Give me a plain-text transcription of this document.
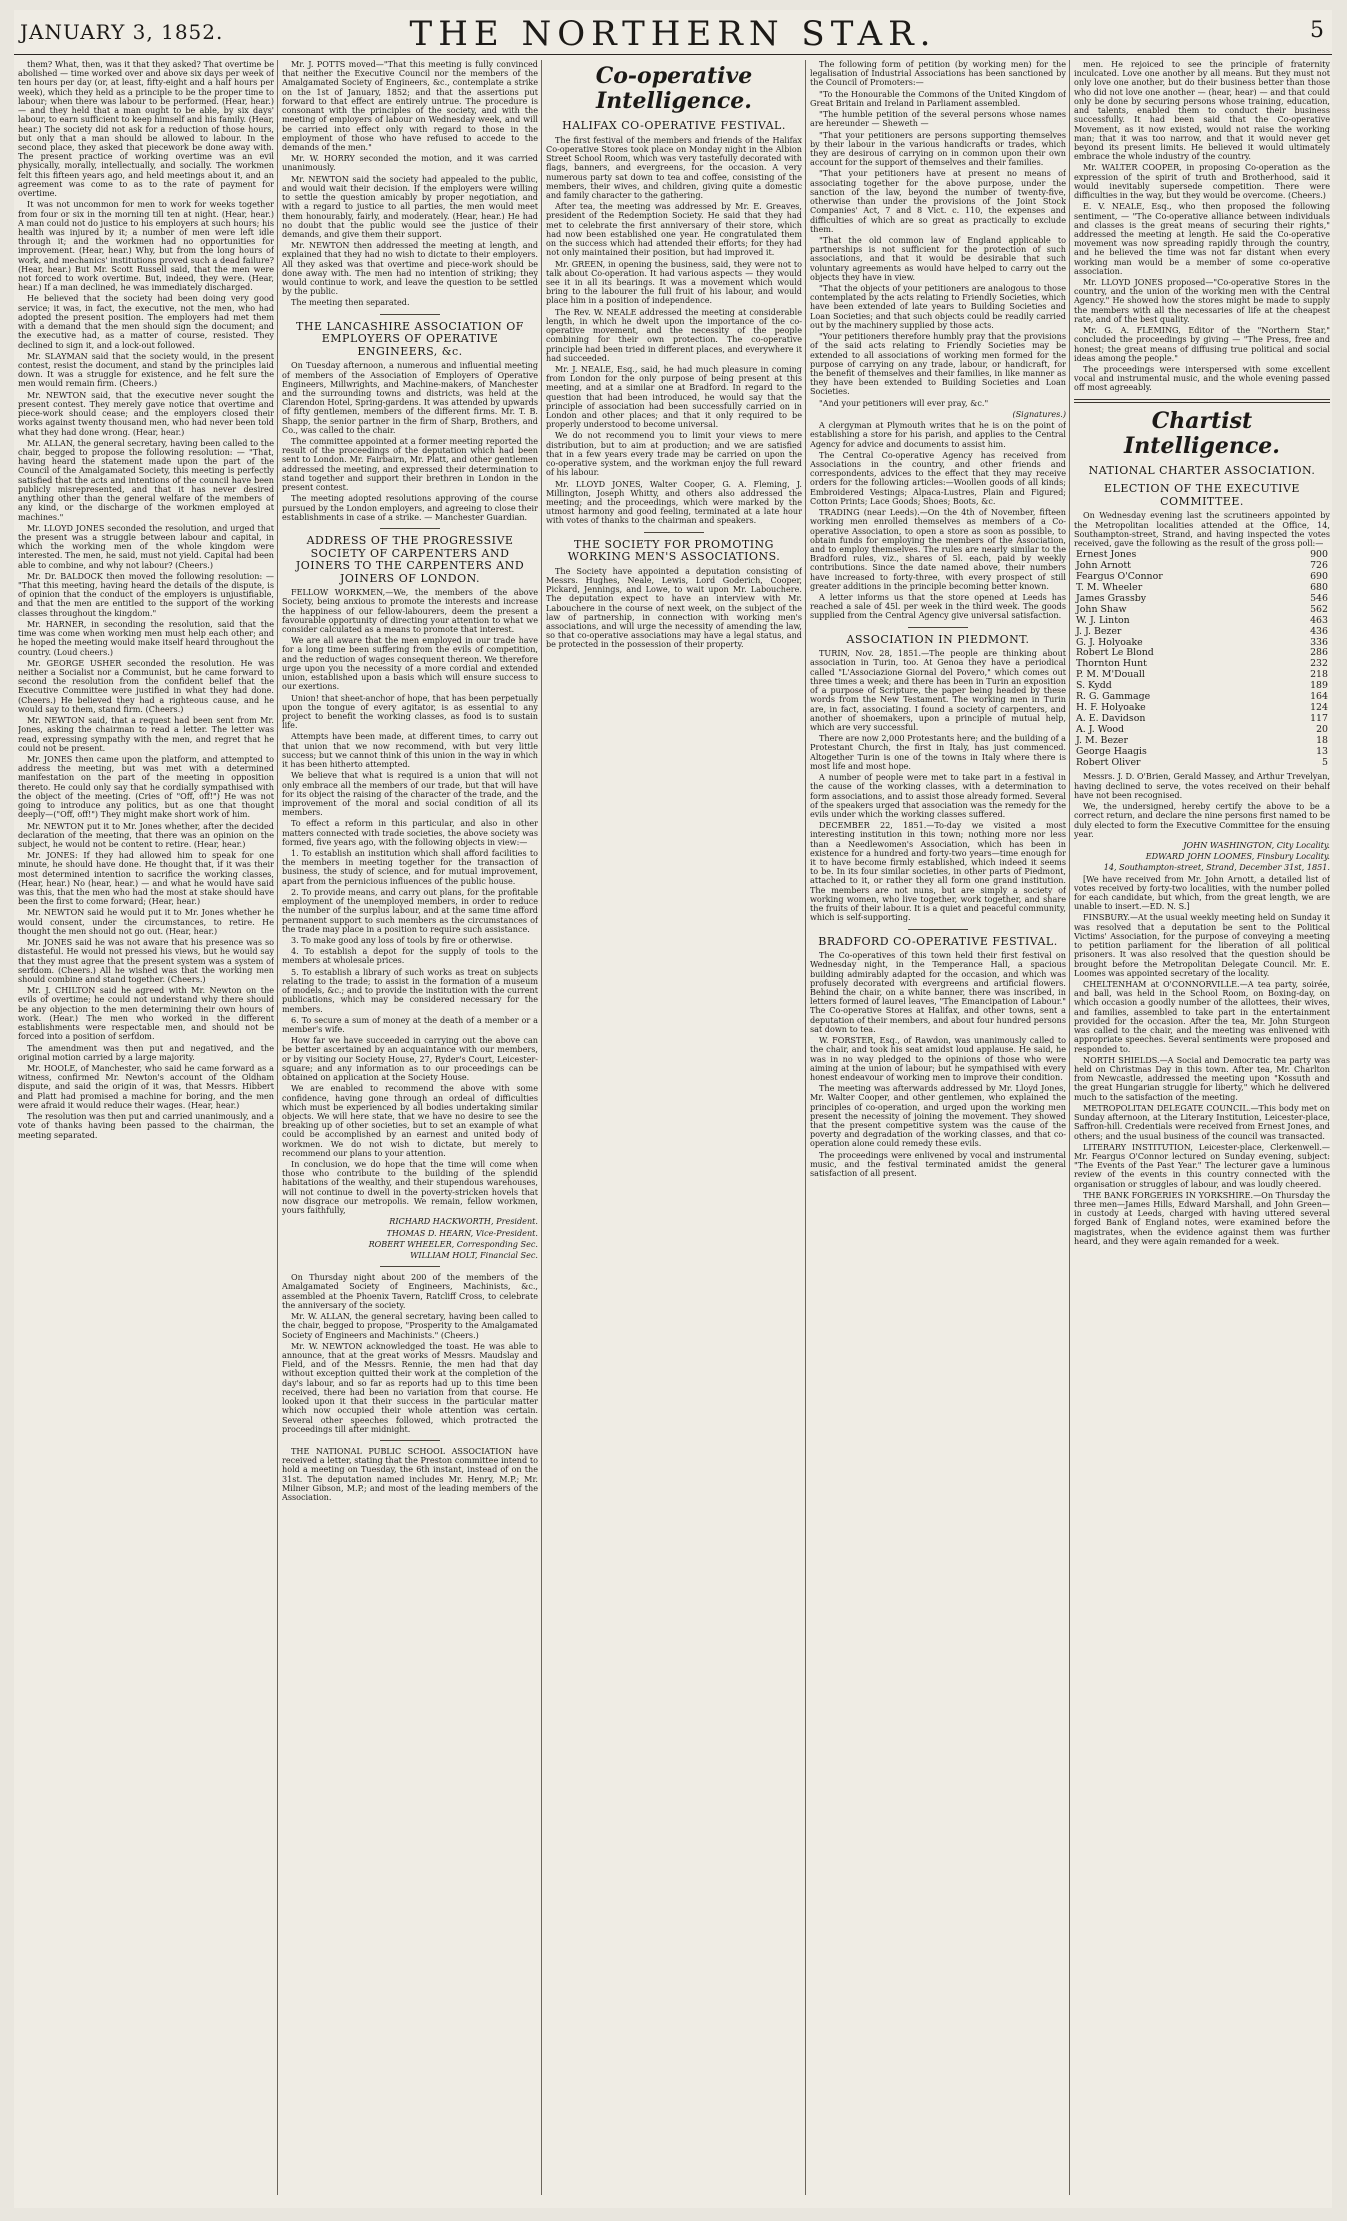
JANUARY 3, 1852.	THE NORTHERN STAR.	5

them? What, then, was it that they asked? That overtime be abolished — time worked over and above six days per week of ten hours per day (or, at least, fifty-eight and a half hours per week), which they held as a principle to be the proper time to labour; when there was labour to be performed. (Hear, hear.) — and they held that a man ought to be able, by six days' labour, to earn sufficient to keep himself and his family. (Hear, hear.) The society did not ask for a reduction of those hours, but only that a man should be allowed to labour. In the second place, they asked that piecework be done away with. The present practice of working overtime was an evil physically, morally, intellectually, and socially. The workmen felt this fifteen years ago, and held meetings about it, and an agreement was come to as to the rate of payment for overtime.

It was not uncommon for men to work for weeks together from four or six in the morning till ten at night. (Hear, hear.) A man could not do justice to his employers at such hours; his health was injured by it; a number of men were left idle through it; and the workmen had no opportunities for improvement. (Hear, hear.) Why, but from the long hours of work, and mechanics' institutions proved such a dead failure? (Hear, hear.) But Mr. Scott Russell said, that the men were not forced to work overtime. But, indeed, they were. (Hear, hear.) If a man declined, he was immediately discharged.

He believed that the society had been doing very good service; it was, in fact, the executive, not the men, who had adopted the present position. The employers had met them with a demand that the men should sign the document; and the executive had, as a matter of course, resisted. They declined to sign it, and a lock-out followed.

Mr. SLAYMAN said that the society would, in the present contest, resist the document, and stand by the principles laid down. It was a struggle for existence, and he felt sure the men would remain firm. (Cheers.)

Mr. NEWTON said, that the executive never sought the present contest. They merely gave notice that overtime and piece-work should cease; and the employers closed their works against twenty thousand men, who had never been told what they had done wrong. (Hear, hear.)

Mr. ALLAN, the general secretary, having been called to the chair, begged to propose the following resolution: — "That, having heard the statement made upon the part of the Council of the Amalgamated Society, this meeting is perfectly satisfied that the acts and intentions of the council have been publicly misrepresented, and that it has never desired anything other than the general welfare of the members of any kind, or the discharge of the workmen employed at machines."

Mr. LLOYD JONES seconded the resolution, and urged that the present was a struggle between labour and capital, in which the working men of the whole kingdom were interested. The men, he said, must not yield. Capital had been able to combine, and why not labour? (Cheers.)

Mr. Dr. BALDOCK then moved the following resolution: — "That this meeting, having heard the details of the dispute, is of opinion that the conduct of the employers is unjustifiable, and that the men are entitled to the support of the working classes throughout the kingdom."

Mr. HARNER, in seconding the resolution, said that the time was come when working men must help each other; and he hoped the meeting would make itself heard throughout the country. (Loud cheers.)

Mr. GEORGE USHER seconded the resolution. He was neither a Socialist nor a Communist, but he came forward to second the resolution from the confident belief that the Executive Committee were justified in what they had done. (Cheers.) He believed they had a righteous cause, and he would say to them, stand firm. (Cheers.)

Mr. NEWTON said, that a request had been sent from Mr. Jones, asking the chairman to read a letter. The letter was read, expressing sympathy with the men, and regret that he could not be present.

Mr. JONES then came upon the platform, and attempted to address the meeting, but was met with a determined manifestation on the part of the meeting in opposition thereto. He could only say that he cordially sympathised with the object of the meeting. (Cries of "Off, off!") He was not going to introduce any politics, but as one that thought deeply—("Off, off!") They might make short work of him.

Mr. NEWTON put it to Mr. Jones whether, after the decided declaration of the meeting, that there was an opinion on the subject, he would not be content to retire. (Hear, hear.)

Mr. JONES: If they had allowed him to speak for one minute, he should have done. He thought that, if it was their most determined intention to sacrifice the working classes, (Hear, hear.) No (hear, hear.) — and what he would have said was this, that the men who had the most at stake should have been the first to come forward; (Hear, hear.)

Mr. NEWTON said he would put it to Mr. Jones whether he would consent, under the circumstances, to retire. He thought the men should not go out. (Hear, hear.)

Mr. JONES said he was not aware that his presence was so distasteful. He would not pressed his views, but he would say that they must agree that the present system was a system of serfdom. (Cheers.) All he wished was that the working men should combine and stand together. (Cheers.)

Mr. J. CHILTON said he agreed with Mr. Newton on the evils of overtime; he could not understand why there should be any objection to the men determining their own hours of work. (Hear.) The men who worked in the different establishments were respectable men, and should not be forced into a position of serfdom.

The amendment was then put and negatived, and the original motion carried by a large majority.

Mr. HOOLE, of Manchester, who said he came forward as a witness, confirmed Mr. Newton's account of the Oldham dispute, and said the origin of it was, that Messrs. Hibbert and Platt had promised a machine for boring, and the men were afraid it would reduce their wages. (Hear, hear.)

The resolution was then put and carried unanimously, and a vote of thanks having been passed to the chairman, the meeting separated.

Mr. J. POTTS moved—"That this meeting is fully convinced that neither the Executive Council nor the members of the Amalgamated Society of Engineers, &c., contemplate a strike on the 1st of January, 1852; and that the assertions put forward to that effect are entirely untrue. The procedure is consonant with the principles of the society, and with the meeting of employers of labour on Wednesday week, and will be carried into effect only with regard to those in the employment of those who have refused to accede to the demands of the men."

Mr. W. HORRY seconded the motion, and it was carried unanimously.

Mr. NEWTON said the society had appealed to the public, and would wait their decision. If the employers were willing to settle the question amicably by proper negotiation, and with a regard to justice to all parties, the men would meet them honourably, fairly, and moderately. (Hear, hear.) He had no doubt that the public would see the justice of their demands, and give them their support.

Mr. NEWTON then addressed the meeting at length, and explained that they had no wish to dictate to their employers. All they asked was that overtime and piece-work should be done away with. The men had no intention of striking; they would continue to work, and leave the question to be settled by the public.

The meeting then separated.

THE LANCASHIRE ASSOCIATION OF EMPLOYERS OF OPERATIVE ENGINEERS, &c.

On Tuesday afternoon, a numerous and influential meeting of members of the Association of Employers of Operative Engineers, Millwrights, and Machine-makers, of Manchester and the surrounding towns and districts, was held at the Clarendon Hotel, Spring-gardens. It was attended by upwards of fifty gentlemen, members of the different firms. Mr. T. B. Shapp, the senior partner in the firm of Sharp, Brothers, and Co., was called to the chair.

The committee appointed at a former meeting reported the result of the proceedings of the deputation which had been sent to London. Mr. Fairbairn, Mr. Platt, and other gentlemen addressed the meeting, and expressed their determination to stand together and support their brethren in London in the present contest.

The meeting adopted resolutions approving of the course pursued by the London employers, and agreeing to close their establishments in case of a strike. — Manchester Guardian.

ADDRESS OF THE PROGRESSIVE SOCIETY OF CARPENTERS AND JOINERS TO THE CARPENTERS AND JOINERS OF LONDON.

FELLOW WORKMEN,—We, the members of the above Society, being anxious to promote the interests and increase the happiness of our fellow-labourers, deem the present a favourable opportunity of directing your attention to what we consider calculated as a means to promote that interest.

We are all aware that the men employed in our trade have for a long time been suffering from the evils of competition, and the reduction of wages consequent thereon. We therefore urge upon you the necessity of a more cordial and extended union, established upon a basis which will ensure success to our exertions.

Union! that sheet-anchor of hope, that has been perpetually upon the tongue of every agitator, is as essential to any project to benefit the working classes, as food is to sustain life.

Attempts have been made, at different times, to carry out that union that we now recommend, with but very little success; but we cannot think of this union in the way in which it has been hitherto attempted.

We believe that what is required is a union that will not only embrace all the members of our trade, but that will have for its object the raising of the character of the trade, and the improvement of the moral and social condition of all its members.

To effect a reform in this particular, and also in other matters connected with trade societies, the above society was formed, five years ago, with the following objects in view:—

1. To establish an institution which shall afford facilities to the members in meeting together for the transaction of business, the study of science, and for mutual improvement, apart from the pernicious influences of the public house.

2. To provide means, and carry out plans, for the profitable employment of the unemployed members, in order to reduce the number of the surplus labour, and at the same time afford permanent support to such members as the circumstances of the trade may place in a position to require such assistance.

3. To make good any loss of tools by fire or otherwise.

4. To establish a depot for the supply of tools to the members at wholesale prices.

5. To establish a library of such works as treat on subjects relating to the trade; to assist in the formation of a museum of models, &c.; and to provide the institution with the current publications, which may be considered necessary for the members.

6. To secure a sum of money at the death of a member or a member's wife.

How far we have succeeded in carrying out the above can be better ascertained by an acquaintance with our members, or by visiting our Society House, 27, Ryder's Court, Leicester-square; and any information as to our proceedings can be obtained on application at the Society House.

We are enabled to recommend the above with some confidence, having gone through an ordeal of difficulties which must be experienced by all bodies undertaking similar objects. We will here state, that we have no desire to see the breaking up of other societies, but to set an example of what could be accomplished by an earnest and united body of workmen. We do not wish to dictate, but merely to recommend our plans to your attention.

In conclusion, we do hope that the time will come when those who contribute to the building of the splendid habitations of the wealthy, and their stupendous warehouses, will not continue to dwell in the poverty-stricken hovels that now disgrace our metropolis. We remain, fellow workmen, yours faithfully,

RICHARD HACKWORTH, President.

THOMAS D. HEARN, Vice-President.

ROBERT WHEELER, Corresponding Sec.

WILLIAM HOLT, Financial Sec.

On Thursday night about 200 of the members of the Amalgamated Society of Engineers, Machinists, &c., assembled at the Phoenix Tavern, Ratcliff Cross, to celebrate the anniversary of the society.

Mr. W. ALLAN, the general secretary, having been called to the chair, begged to propose, "Prosperity to the Amalgamated Society of Engineers and Machinists." (Cheers.)

Mr. W. NEWTON acknowledged the toast. He was able to announce, that at the great works of Messrs. Maudslay and Field, and of the Messrs. Rennie, the men had that day without exception quitted their work at the completion of the day's labour, and so far as reports had up to this time been received, there had been no variation from that course. He looked upon it that their success in the particular matter which now occupied their whole attention was certain. Several other speeches followed, which protracted the proceedings till after midnight.

THE NATIONAL PUBLIC SCHOOL ASSOCIATION have received a letter, stating that the Preston committee intend to hold a meeting on Tuesday, the 6th instant, instead of on the 31st. The deputation named includes Mr. Henry, M.P.; Mr. Milner Gibson, M.P.; and most of the leading members of the Association.

Co-operative Intelligence.
HALIFAX CO-OPERATIVE FESTIVAL.

The first festival of the members and friends of the Halifax Co-operative Stores took place on Monday night in the Albion Street School Room, which was very tastefully decorated with flags, banners, and evergreens, for the occasion. A very numerous party sat down to tea and coffee, consisting of the members, their wives, and children, giving quite a domestic and family character to the gathering.

After tea, the meeting was addressed by Mr. E. Greaves, president of the Redemption Society. He said that they had met to celebrate the first anniversary of their store, which had now been established one year. He congratulated them on the success which had attended their efforts; for they had not only maintained their position, but had improved it.

Mr. GREEN, in opening the business, said, they were not to talk about Co-operation. It had various aspects — they would see it in all its bearings. It was a movement which would bring to the labourer the full fruit of his labour, and would place him in a position of independence.

The Rev. W. NEALE addressed the meeting at considerable length, in which he dwelt upon the importance of the co-operative movement, and the necessity of the people combining for their own protection. The co-operative principle had been tried in different places, and everywhere it had succeeded.

Mr. J. NEALE, Esq., said, he had much pleasure in coming from London for the only purpose of being present at this meeting, and at a similar one at Bradford. In regard to the question that had been introduced, he would say that the principle of association had been successfully carried on in London and other places; and that it only required to be properly understood to become universal.

We do not recommend you to limit your views to mere distribution, but to aim at production; and we are satisfied that in a few years every trade may be carried on upon the co-operative system, and the workman enjoy the full reward of his labour.

Mr. LLOYD JONES, Walter Cooper, G. A. Fleming, J. Millington, Joseph Whitty, and others also addressed the meeting; and the proceedings, which were marked by the utmost harmony and good feeling, terminated at a late hour with votes of thanks to the chairman and speakers.

THE SOCIETY FOR PROMOTING WORKING MEN'S ASSOCIATIONS.

The Society have appointed a deputation consisting of Messrs. Hughes, Neale, Lewis, Lord Goderich, Cooper, Pickard, Jennings, and Lowe, to wait upon Mr. Labouchere. The deputation expect to have an interview with Mr. Labouchere in the course of next week, on the subject of the law of partnership, in connection with working men's associations, and will urge the necessity of amending the law, so that co-operative associations may have a legal status, and be protected in the possession of their property.

The following form of petition (by working men) for the legalisation of Industrial Associations has been sanctioned by the Council of Promoters:—

"To the Honourable the Commons of the United Kingdom of Great Britain and Ireland in Parliament assembled.

"The humble petition of the several persons whose names are hereunder — Sheweth —

"That your petitioners are persons supporting themselves by their labour in the various handicrafts or trades, which they are desirous of carrying on in common upon their own account for the support of themselves and their families.

"That your petitioners have at present no means of associating together for the above purpose, under the sanction of the law, beyond the number of twenty-five, otherwise than under the provisions of the Joint Stock Companies' Act, 7 and 8 Vict. c. 110, the expenses and difficulties of which are so great as practically to exclude them.

"That the old common law of England applicable to partnerships is not sufficient for the protection of such associations, and that it would be desirable that such voluntary agreements as would have helped to carry out the objects they have in view.

"That the objects of your petitioners are analogous to those contemplated by the acts relating to Friendly Societies, which have been extended of late years to Building Societies and Loan Societies; and that such objects could be readily carried out by the machinery supplied by those acts.

"Your petitioners therefore humbly pray that the provisions of the said acts relating to Friendly Societies may be extended to all associations of working men formed for the purpose of carrying on any trade, labour, or handicraft, for the benefit of themselves and their families, in like manner as they have been extended to Building Societies and Loan Societies.

"And your petitioners will ever pray, &c."

(Signatures.)

A clergyman at Plymouth writes that he is on the point of establishing a store for his parish, and applies to the Central Agency for advice and documents to assist him.

The Central Co-operative Agency has received from Associations in the country, and other friends and correspondents, advices to the effect that they may receive orders for the following articles:—Woollen goods of all kinds; Embroidered Vestings; Alpaca-Lustres, Plain and Figured; Cotton Prints; Lace Goods; Shoes; Boots, &c.

TRADING (near Leeds).—On the 4th of November, fifteen working men enrolled themselves as members of a Co-operative Association, to open a store as soon as possible, to obtain funds for employing the members of the Association, and to employ themselves. The rules are nearly similar to the Bradford rules, viz., shares of 5l. each, paid by weekly contributions. Since the date named above, their numbers have increased to forty-three, with every prospect of still greater additions in the principle becoming better known.

A letter informs us that the store opened at Leeds has reached a sale of 45l. per week in the third week. The goods supplied from the Central Agency give universal satisfaction.

ASSOCIATION IN PIEDMONT.

TURIN, Nov. 28, 1851.—The people are thinking about association in Turin, too. At Genoa they have a periodical called "L'Associazione Giornal del Povero," which comes out three times a week; and there has been in Turin an exposition of a purpose of Scripture, the paper being headed by these words from the New Testament. The working men in Turin are, in fact, associating. I found a society of carpenters, and another of shoemakers, upon a principle of mutual help, which are very successful.

There are now 2,000 Protestants here; and the building of a Protestant Church, the first in Italy, has just commenced. Altogether Turin is one of the towns in Italy where there is most life and most hope.

A number of people were met to take part in a festival in the cause of the working classes, with a determination to form associations, and to assist those already formed. Several of the speakers urged that association was the remedy for the evils under which the working classes suffered.

DECEMBER 22, 1851.—To-day we visited a most interesting institution in this town; nothing more nor less than a Needlewomen's Association, which has been in existence for a hundred and forty-two years—time enough for it to have become firmly established, which indeed it seems to be. In its four similar societies, in other parts of Piedmont, attached to it, or rather they all form one grand institution. The members are not nuns, but are simply a society of working women, who live together, work together, and share the fruits of their labour. It is a quiet and peaceful community, which is self-supporting.

BRADFORD CO-OPERATIVE FESTIVAL.

The Co-operatives of this town held their first festival on Wednesday night, in the Temperance Hall, a spacious building admirably adapted for the occasion, and which was profusely decorated with evergreens and artificial flowers. Behind the chair, on a white banner, there was inscribed, in letters formed of laurel leaves, "The Emancipation of Labour." The Co-operative Stores at Halifax, and other towns, sent a deputation of their members, and about four hundred persons sat down to tea.

W. FORSTER, Esq., of Rawdon, was unanimously called to the chair, and took his seat amidst loud applause. He said, he was in no way pledged to the opinions of those who were aiming at the union of labour; but he sympathised with every honest endeavour of working men to improve their condition.

The meeting was afterwards addressed by Mr. Lloyd Jones, Mr. Walter Cooper, and other gentlemen, who explained the principles of co-operation, and urged upon the working men present the necessity of joining the movement. They showed that the present competitive system was the cause of the poverty and degradation of the working classes, and that co-operation alone could remedy these evils.

The proceedings were enlivened by vocal and instrumental music, and the festival terminated amidst the general satisfaction of all present.

men. He rejoiced to see the principle of fraternity inculcated. Love one another by all means. But they must not only love one another, but do their business better than those who did not love one another — (hear, hear) — and that could only be done by securing persons whose training, education, and talents, enabled them to conduct their business successfully. It had been said that the Co-operative Movement, as it now existed, would not raise the working man; that it was too narrow, and that it would never get beyond its present limits. He believed it would ultimately embrace the whole industry of the country.

Mr. WALTER COOPER, in proposing Co-operation as the expression of the spirit of truth and Brotherhood, said it would inevitably supersede competition. There were difficulties in the way, but they would be overcome. (Cheers.)

E. V. NEALE, Esq., who then proposed the following sentiment, — "The Co-operative alliance between individuals and classes is the great means of securing their rights," addressed the meeting at length. He said the Co-operative movement was now spreading rapidly through the country, and he believed the time was not far distant when every working man would be a member of some co-operative association.

Mr. LLOYD JONES proposed—"Co-operative Stores in the country, and the union of the working men with the Central Agency." He showed how the stores might be made to supply the members with all the necessaries of life at the cheapest rate, and of the best quality.

Mr. G. A. FLEMING, Editor of the "Northern Star," concluded the proceedings by giving — "The Press, free and honest; the great means of diffusing true political and social ideas among the people."

The proceedings were interspersed with some excellent vocal and instrumental music, and the whole evening passed off most agreeably.

Chartist Intelligence.
NATIONAL CHARTER ASSOCIATION.
ELECTION OF THE EXECUTIVE COMMITTEE.

On Wednesday evening last the scrutineers appointed by the Metropolitan localities attended at the Office, 14, Southampton-street, Strand, and having inspected the votes received, gave the following as the result of the gross poll:—

Ernest Jones	900
John Arnott	726
Feargus O'Connor	690
T. M. Wheeler	680
James Grassby	546
John Shaw	562
W. J. Linton	463
J. J. Bezer	436
G. J. Holyoake	336
Robert Le Blond	286
Thornton Hunt	232
P. M. M'Douall	218
S. Kydd	189
R. G. Gammage	164
H. F. Holyoake	124
A. E. Davidson	117
A. J. Wood	20
J. M. Bezer	18
George Haagis	13
Robert Oliver	5

Messrs. J. D. O'Brien, Gerald Massey, and Arthur Trevelyan, having declined to serve, the votes received on their behalf have not been recognised.

We, the undersigned, hereby certify the above to be a correct return, and declare the nine persons first named to be duly elected to form the Executive Committee for the ensuing year.

JOHN WASHINGTON, City Locality.

EDWARD JOHN LOOMES, Finsbury Locality.

14, Southampton-street, Strand, December 31st, 1851.

[We have received from Mr. John Arnott, a detailed list of votes received by forty-two localities, with the number polled for each candidate, but which, from the great length, we are unable to insert.—ED. N. S.]

FINSBURY.—At the usual weekly meeting held on Sunday it was resolved that a deputation be sent to the Political Victims' Association, for the purpose of conveying a meeting to petition parliament for the liberation of all political prisoners. It was also resolved that the question should be brought before the Metropolitan Delegate Council. Mr. E. Loomes was appointed secretary of the locality.

CHELTENHAM at O'CONNORVILLE.—A tea party, soirée, and ball, was held in the School Room, on Boxing-day, on which occasion a goodly number of the allottees, their wives, and families, assembled to take part in the entertainment provided for the occasion. After the tea, Mr. John Sturgeon was called to the chair, and the meeting was enlivened with appropriate speeches. Several sentiments were proposed and responded to.

NORTH SHIELDS.—A Social and Democratic tea party was held on Christmas Day in this town. After tea, Mr. Charlton from Newcastle, addressed the meeting upon "Kossuth and the great Hungarian struggle for liberty," which he delivered much to the satisfaction of the meeting.

METROPOLITAN DELEGATE COUNCIL.—This body met on Sunday afternoon, at the Literary Institution, Leicester-place, Saffron-hill. Credentials were received from Ernest Jones, and others; and the usual business of the council was transacted.

LITERARY INSTITUTION, Leicester-place, Clerkenwell.—Mr. Feargus O'Connor lectured on Sunday evening, subject: "The Events of the Past Year." The lecturer gave a luminous review of the events in this country connected with the organisation or struggles of labour, and was loudly cheered.

THE BANK FORGERIES IN YORKSHIRE.—On Thursday the three men—James Hills, Edward Marshall, and John Green—in custody at Leeds, charged with having uttered several forged Bank of England notes, were examined before the magistrates, when the evidence against them was further heard, and they were again remanded for a week.
